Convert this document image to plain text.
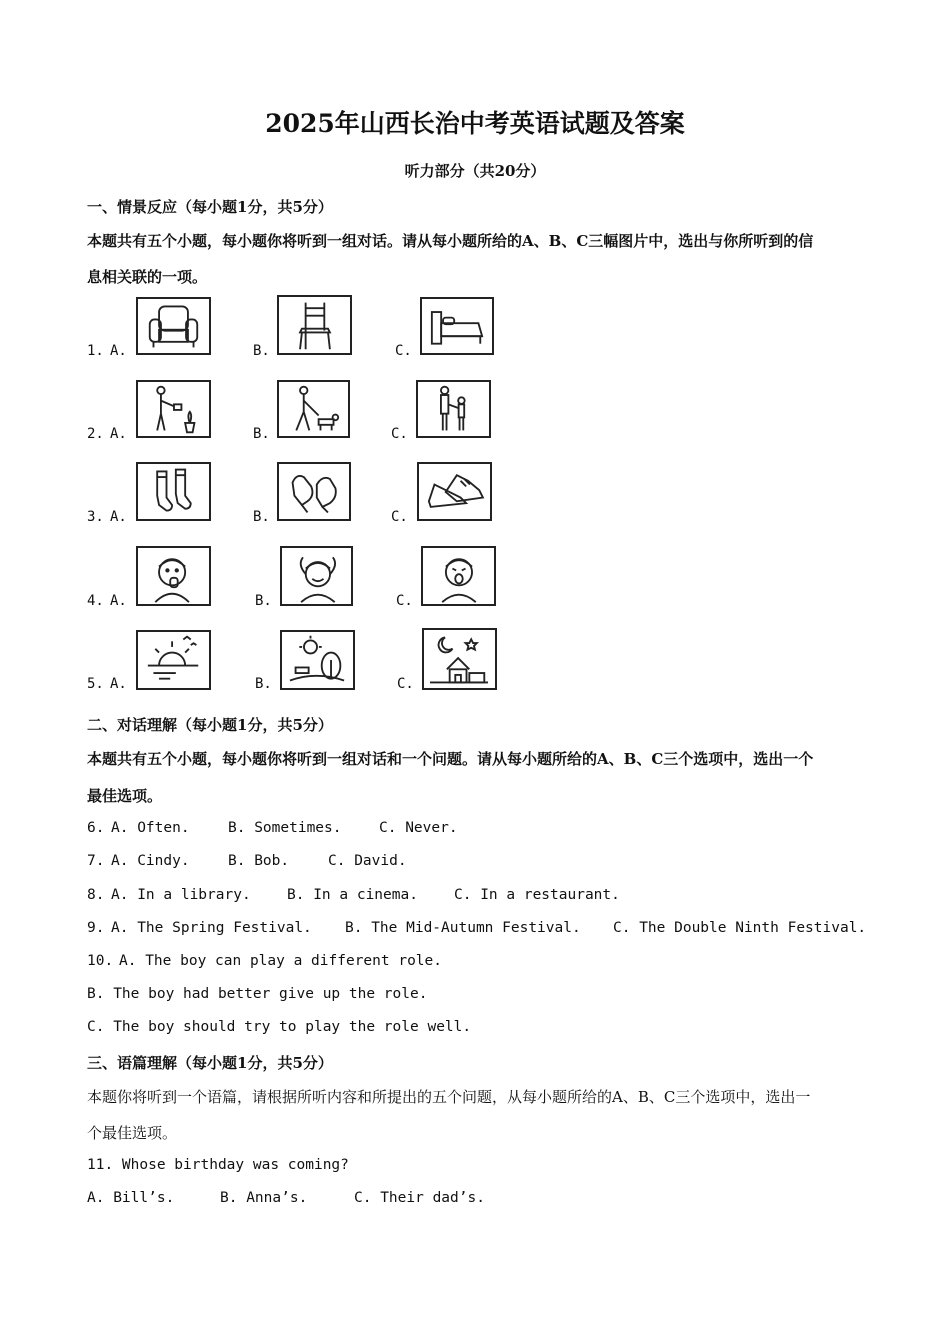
2025年山西长治中考英语试题及答案
听力部分（共20分）
一、情景反应（每小题1分，共5分）
本题共有五个小题，每小题你将听到一组对话。请从每小题所给的A、B、C三幅图片中，选出与你所听到的信
息相关联的一项。
1. A.	B.	C.
2. A.	B.	C.
3. A.	B.	C.
4. A.	B.	C.
5. A.	B.	C.
二、对话理解（每小题1分，共5分）
本题共有五个小题，每小题你将听到一组对话和一个问题。请从每小题所给的A、B、C三个选项中，选出一个
最佳选项。
6. A. Often.	B. Sometimes.	C. Never.
7. A. Cindy.	B. Bob.	C. David.
8. A. In a library.	B. In a cinema. C. In a restaurant.
9. A. The Spring Festival. B. The Mid-Autumn Festival. C. The Double Ninth Festival.
10. A. The boy can play a different role.
B. The boy had better give up the role.
C. The boy should try to play the role well.
三、语篇理解（每小题1分，共5分）
本题你将听到一个语篇，请根据所听内容和所提出的五个问题，从每小题所给的A、B、C三个选项中，选出一
个最佳选项。
11. Whose birthday was coming?
A. Bill’s.	B. Anna’s.	C. Their dad’s.
